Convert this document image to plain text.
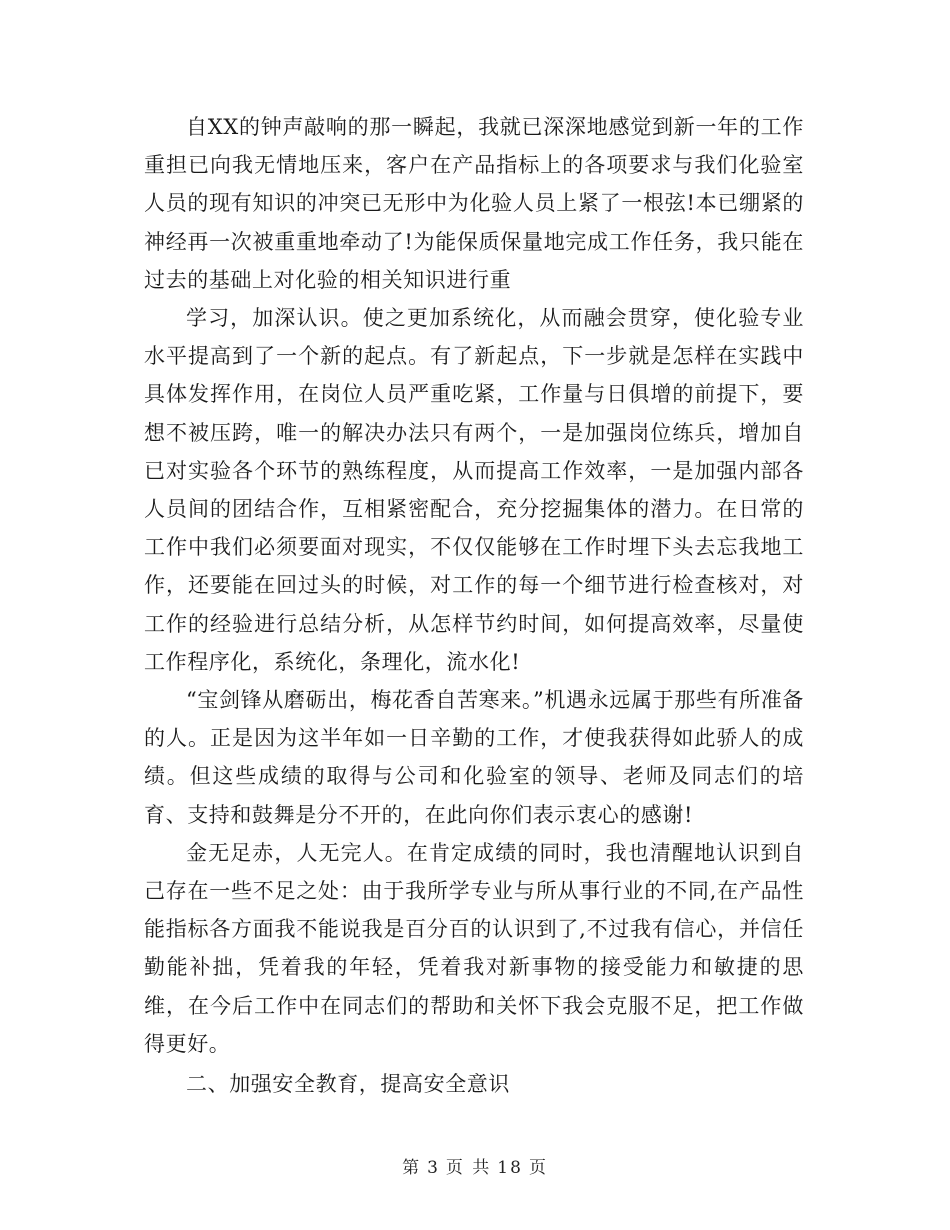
自XX的钟声敲响的那一瞬起，我就已深深地感觉到新一年的工作重担已向我无情地压来，客户在产品指标上的各项要求与我们化验室人员的现有知识的冲突已无形中为化验人员上紧了一根弦!本已绷紧的神经再一次被重重地牵动了!为能保质保量地完成工作任务，我只能在过去的基础上对化验的相关知识进行重

学习，加深认识。使之更加系统化，从而融会贯穿，使化验专业水平提高到了一个新的起点。有了新起点，下一步就是怎样在实践中具体发挥作用，在岗位人员严重吃紧，工作量与日俱增的前提下，要想不被压跨，唯一的解决办法只有两个，一是加强岗位练兵，增加自已对实验各个环节的熟练程度，从而提高工作效率，一是加强内部各人员间的团结合作，互相紧密配合，充分挖掘集体的潜力。在日常的工作中我们必须要面对现实，不仅仅能够在工作时埋下头去忘我地工作，还要能在回过头的时候，对工作的每一个细节进行检查核对，对工作的经验进行总结分析，从怎样节约时间，如何提高效率，尽量使工作程序化，系统化，条理化，流水化!

“宝剑锋从磨砺出，梅花香自苦寒来。”机遇永远属于那些有所准备的人。正是因为这半年如一日辛勤的工作，才使我获得如此骄人的成绩。但这些成绩的取得与公司和化验室的领导、老师及同志们的培育、支持和鼓舞是分不开的，在此向你们表示衷心的感谢!

金无足赤，人无完人。在肯定成绩的同时，我也清醒地认识到自己存在一些不足之处：由于我所学专业与所从事行业的不同,在产品性能指标各方面我不能说我是百分百的认识到了,不过我有信心，并信任勤能补拙，凭着我的年轻，凭着我对新事物的接受能力和敏捷的思维，在今后工作中在同志们的帮助和关怀下我会克服不足，把工作做得更好。

二、加强安全教育，提高安全意识

第 3 页 共 18 页
